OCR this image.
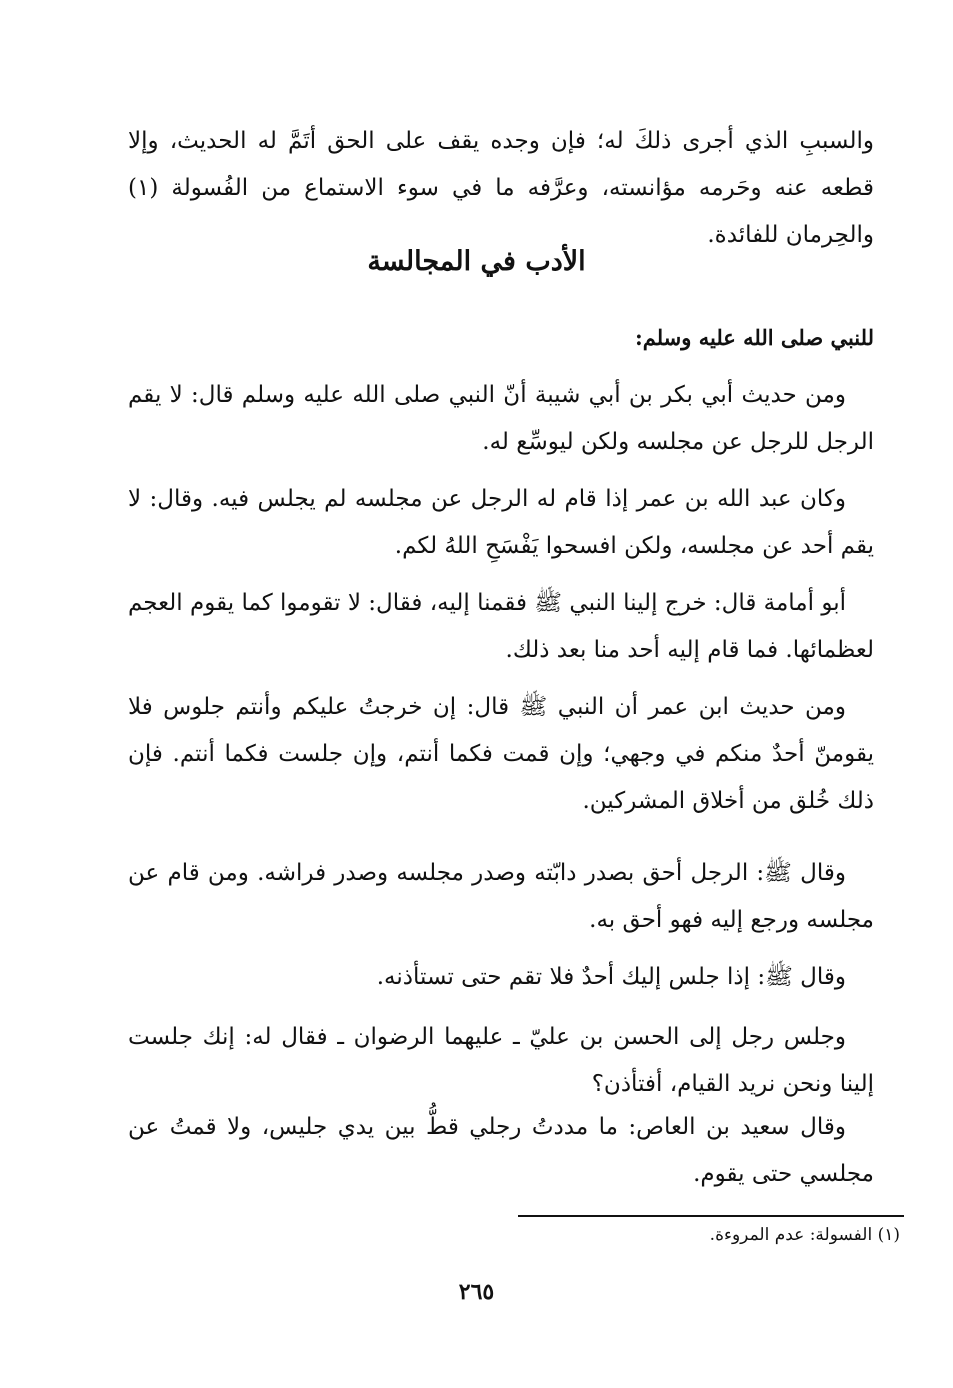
والسببِ الذي أجرى ذلكَ له؛ فإن وجده يقف على الحق أتَمَّ له الحديث، وإلا قطعه عنه وحَرمه مؤانسته، وعرَّفه ما في سوء الاستماع من الفُسولة (١) والحِرمان للفائدة.

الأدب في المجالسة

للنبي صلى الله عليه وسلم:

ومن حديث أبي بكر بن أبي شيبة أنّ النبي صلى الله عليه وسلم قال: لا يقم الرجل للرجل عن مجلسه ولكن ليوسِّع له.

وكان عبد الله بن عمر إذا قام له الرجل عن مجلسه لم يجلس فيه. وقال: لا يقم أحد عن مجلسه، ولكن افسحوا يَفْسَحِ اللهُ لكم.

أبو أمامة قال: خرج إلينا النبي ﷺ فقمنا إليه، فقال: لا تقوموا كما يقوم العجم لعظمائها. فما قام إليه أحد منا بعد ذلك.

ومن حديث ابن عمر أن النبي ﷺ قال: إن خرجتُ عليكم وأنتم جلوس فلا يقومنّ أحدٌ منكم في وجهي؛ وإن قمت فكما أنتم، وإن جلست فكما أنتم. فإن ذلك خُلق من أخلاق المشركين.

وقال ﷺ: الرجل أحق بصدر دابّته وصدر مجلسه وصدر فراشه. ومن قام عن مجلسه ورجع إليه فهو أحق به.

وقال ﷺ: إذا جلس إليك أحدٌ فلا تقم حتى تستأذنه.

وجلس رجل إلى الحسن بن عليّ ـ عليهما الرضوان ـ فقال له: إنك جلست إلينا ونحن نريد القيام، أفتأذن؟

وقال سعيد بن العاص: ما مددتُ رجلي قطُّ بين يدي جليس، ولا قمتُ عن مجلسي حتى يقوم.

(١) الفسولة: عدم المروءة.

٢٦٥
